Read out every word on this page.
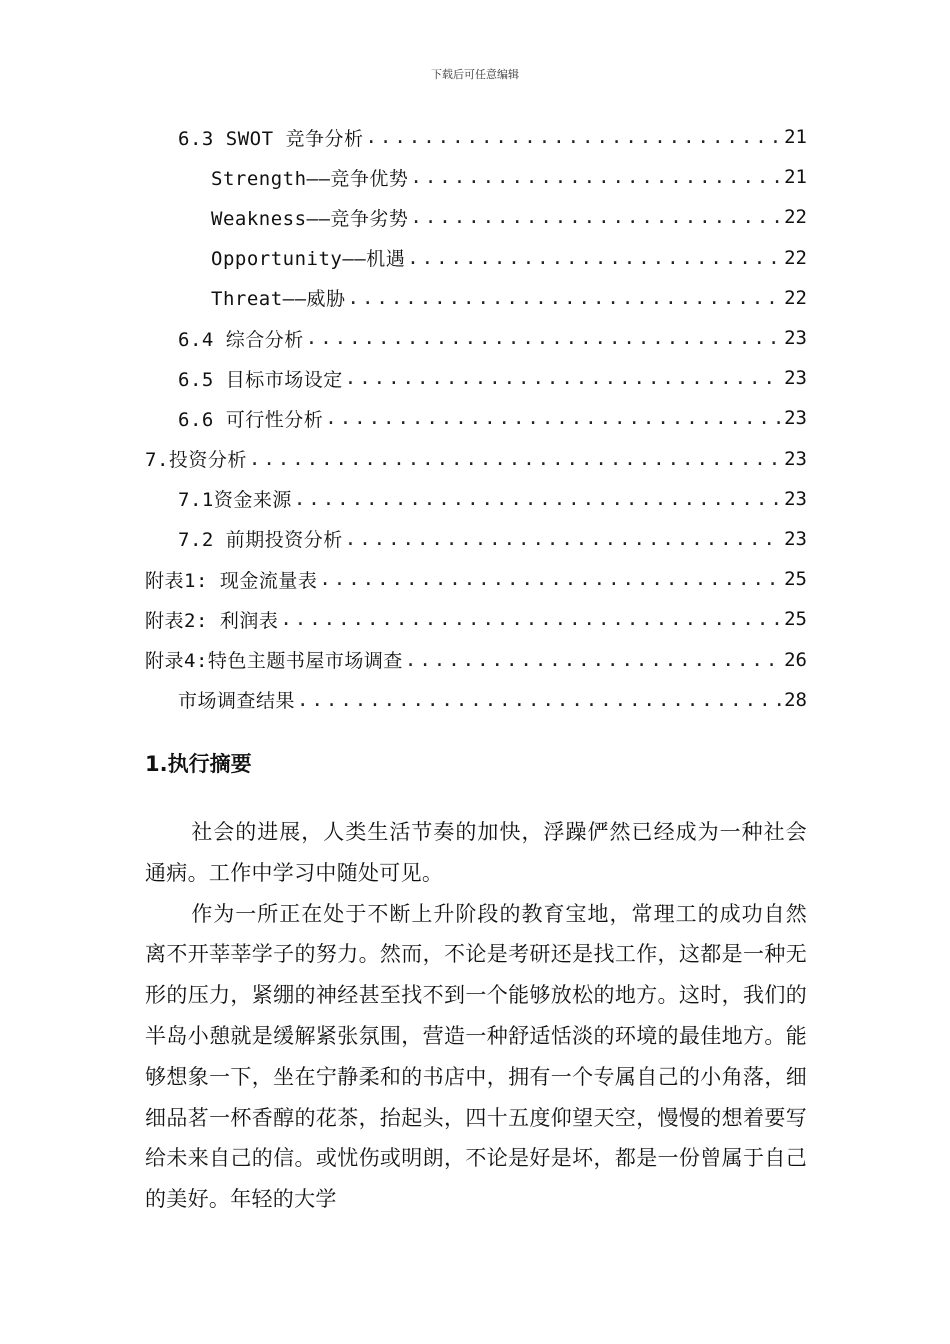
下载后可任意编辑
6.3 SWOT 竞争分析 .....	21
Strength——竞争优势 .....	21
Weakness——竞争劣势 .....	22
Opportunity——机遇 .....	22
Threat——威胁 .....	22
6.4 综合分析 .....	23
6.5 目标市场设定 .....	23
6.6 可行性分析 .....	23
7.投资分析 .....	23
7.1资金来源 .....	23
7.2 前期投资分析 .....	23
附表1: 现金流量表 .....	25
附表2: 利润表 .....	25
附录4:特色主题书屋市场调查 .....	26
市场调查结果 .....	28
1.执行摘要

社会的进展，人类生活节奏的加快，浮躁俨然已经成为一种社会通病。工作中学习中随处可见。

作为一所正在处于不断上升阶段的教育宝地，常理工的成功自然离不开莘莘学子的努力。然而，不论是考研还是找工作，这都是一种无形的压力，紧绷的神经甚至找不到一个能够放松的地方。这时，我们的半岛小憩就是缓解紧张氛围，营造一种舒适恬淡的环境的最佳地方。能够想象一下，坐在宁静柔和的书店中，拥有一个专属自己的小角落，细细品茗一杯香醇的花茶，抬起头，四十五度仰望天空，慢慢的想着要写给未来自己的信。或忧伤或明朗，不论是好是坏，都是一份曾属于自己的美好。年轻的大学
